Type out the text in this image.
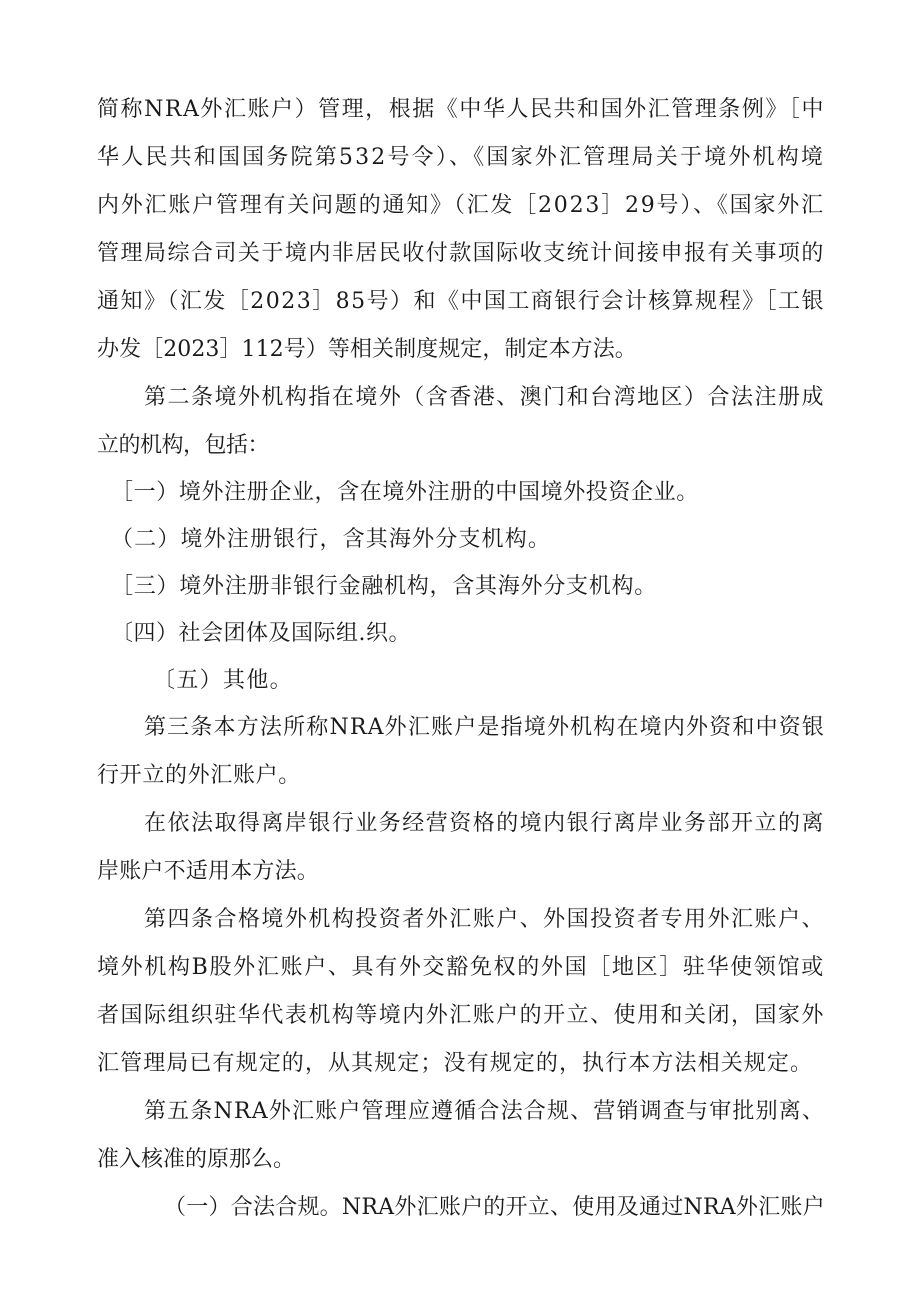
简称NRA外汇账户）管理，根据《中华人民共和国外汇管理条例》［中
华人民共和国国务院第532号令）、《国家外汇管理局关于境外机构境
内外汇账户管理有关问题的通知》（汇发［2023］29号）、《国家外汇
管理局综合司关于境内非居民收付款国际收支统计间接申报有关事项的
通知》（汇发［2023］85号）和《中国工商银行会计核算规程》［工银
办发［2023］112号）等相关制度规定，制定本方法。
第二条境外机构指在境外（含香港、澳门和台湾地区）合法注册成
立的机构，包括：
［一）境外注册企业，含在境外注册的中国境外投资企业。
（二）境外注册银行，含其海外分支机构。
［三）境外注册非银行金融机构，含其海外分支机构。
〔四）社会团体及国际组.织。
〔五）其他。
第三条本方法所称NRA外汇账户是指境外机构在境内外资和中资银
行开立的外汇账户。
在依法取得离岸银行业务经营资格的境内银行离岸业务部开立的离
岸账户不适用本方法。
第四条合格境外机构投资者外汇账户、外国投资者专用外汇账户、
境外机构B股外汇账户、具有外交豁免权的外国［地区］驻华使领馆或
者国际组织驻华代表机构等境内外汇账户的开立、使用和关闭，国家外
汇管理局已有规定的，从其规定；没有规定的，执行本方法相关规定。
第五条NRA外汇账户管理应遵循合法合规、营销调查与审批别离、
准入核准的原那么。
（一）合法合规。NRA外汇账户的开立、使用及通过NRA外汇账户
